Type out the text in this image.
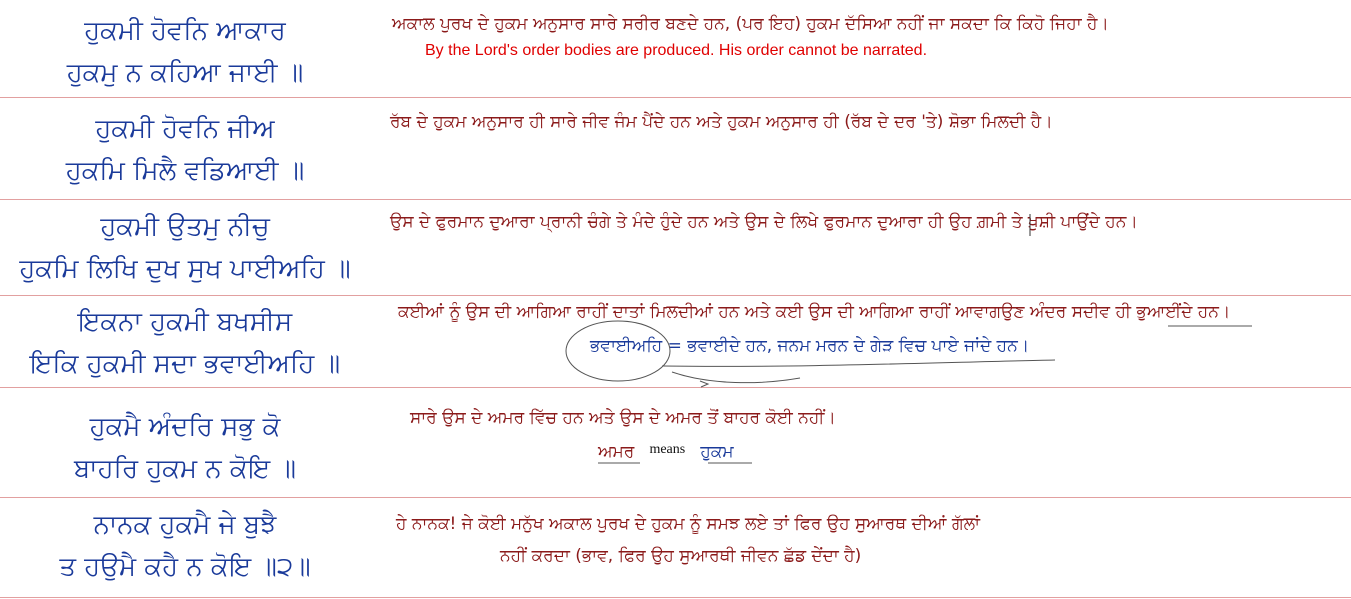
ਹੁਕਮੀ ਹੋਵਨਿ ਆਕਾਰ
ਹੁਕਮੁ ਨ ਕਹਿਆ ਜਾਈ ॥
ਅਕਾਲ ਪੁਰਖ ਦੇ ਹੁਕਮ ਅਨੁਸਾਰ ਸਾਰੇ ਸਰੀਰ ਬਣਦੇ ਹਨ, (ਪਰ ਇਹ) ਹੁਕਮ ਦੱਸਿਆ ਨਹੀਂ ਜਾ ਸਕਦਾ ਕਿ ਕਿਹੋ ਜਿਹਾ ਹੈ।
By the Lord's order bodies are produced. His order cannot be narrated.
ਹੁਕਮੀ ਹੋਵਨਿ ਜੀਅ
ਹੁਕਮਿ ਮਿਲੈ ਵਡਿਆਈ ॥
ਰੱਬ ਦੇ ਹੁਕਮ ਅਨੁਸਾਰ ਹੀ ਸਾਰੇ ਜੀਵ ਜੰਮ ਪੈਂਦੇ ਹਨ ਅਤੇ ਹੁਕਮ ਅਨੁਸਾਰ ਹੀ (ਰੱਬ ਦੇ ਦਰ 'ਤੇ) ਸ਼ੋਭਾ ਮਿਲਦੀ ਹੈ।
ਹੁਕਮੀ ਉਤਮੁ ਨੀਚੁ
ਹੁਕਮਿ ਲਿਖਿ ਦੁਖ ਸੁਖ ਪਾਈਅਹਿ ॥
ਉਸ ਦੇ ਫੁਰਮਾਨ ਦੁਆਰਾ ਪ੍ਰਾਨੀ ਚੰਗੇ ਤੇ ਮੰਦੇ ਹੁੰਦੇ ਹਨ ਅਤੇ ਉਸ ਦੇ ਲਿਖੇ ਫੁਰਮਾਨ ਦੁਆਰਾ ਹੀ ਉਹ ਗ਼ਮੀ ਤੇ ਖ਼ੁਸ਼ੀ ਪਾਉਂਦੇ ਹਨ।
ਇਕਨਾ ਹੁਕਮੀ ਬਖਸੀਸ
ਇਕਿ ਹੁਕਮੀ ਸਦਾ ਭਵਾਈਅਹਿ ॥
ਕਈਆਂ ਨੂੰ ਉਸ ਦੀ ਆਗਿਆ ਰਾਹੀਂ ਦਾਤਾਂ ਮਿਲਦੀਆਂ ਹਨ ਅਤੇ ਕਈ ਉਸ ਦੀ ਆਗਿਆ ਰਾਹੀਂ ਆਵਾਗਉਣ ਅੰਦਰ ਸਦੀਵ ਹੀ ਭੁਆਈਂਦੇ ਹਨ।
ਭਵਾਈਅਹਿ = ਭਵਾਈਦੇ ਹਨ, ਜਨਮ ਮਰਨ ਦੇ ਗੇੜ ਵਿਚ ਪਾਏ ਜਾਂਦੇ ਹਨ।
ਹੁਕਮੈ ਅੰਦਰਿ ਸਭੁ ਕੋ
ਬਾਹਰਿ ਹੁਕਮ ਨ ਕੋਇ ॥
ਸਾਰੇ ਉਸ ਦੇ ਅਮਰ ਵਿੱਚ ਹਨ ਅਤੇ ਉਸ ਦੇ ਅਮਰ ਤੋਂ ਬਾਹਰ ਕੋਈ ਨਹੀਂ।
ਅਮਰ means ਹੁਕਮ
ਨਾਨਕ ਹੁਕਮੈ ਜੇ ਬੁਝੈ
ਤ ਹਉਮੈ ਕਹੈ ਨ ਕੋਇ ॥੨॥
ਹੇ ਨਾਨਕ! ਜੇ ਕੋਈ ਮਨੁੱਖ ਅਕਾਲ ਪੁਰਖ ਦੇ ਹੁਕਮ ਨੂੰ ਸਮਝ ਲਏ ਤਾਂ ਫਿਰ ਉਹ ਸੁਆਰਥ ਦੀਆਂ ਗੱਲਾਂ
ਨਹੀਂ ਕਰਦਾ (ਭਾਵ, ਫਿਰ ਉਹ ਸੁਆਰਥੀ ਜੀਵਨ ਛੱਡ ਦੇਂਦਾ ਹੈ)
